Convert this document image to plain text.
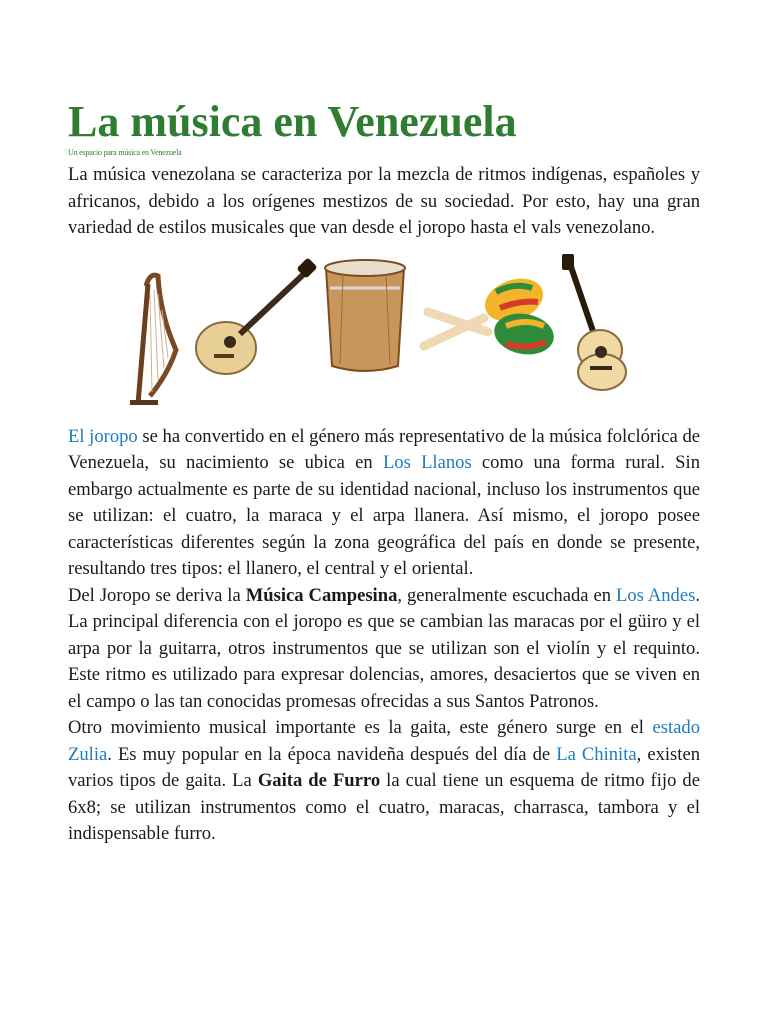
La música en Venezuela
Un espacio para música en Venezuela

La música venezolana se caracteriza por la mezcla de ritmos indígenas, españoles y africanos, debido a los orígenes mestizos de su sociedad. Por esto, hay una gran variedad de estilos musicales que van desde el joropo hasta el vals venezolano.

El joropo se ha convertido en el género más representativo de la música folclórica de Venezuela, su nacimiento se ubica en Los Llanos como una forma rural. Sin embargo actualmente es parte de su identidad nacional, incluso los instrumentos que se utilizan: el cuatro, la maraca y el arpa llanera. Así mismo, el joropo posee características diferentes según la zona geográfica del país en donde se presente, resultando tres tipos: el llanero, el central y el oriental.

Del Joropo se deriva la Música Campesina, generalmente escuchada en Los Andes. La principal diferencia con el joropo es que se cambian las maracas por el güiro y el arpa por la guitarra, otros instrumentos que se utilizan son el violín y el requinto. Este ritmo es utilizado para expresar dolencias, amores, desaciertos que se viven en el campo o las tan conocidas promesas ofrecidas a sus Santos Patronos.

Otro movimiento musical importante es la gaita, este género surge en el estado Zulia. Es muy popular en la época navideña después del día de La Chinita, existen varios tipos de gaita. La Gaita de Furro la cual tiene un esquema de ritmo fijo de 6x8; se utilizan instrumentos como el cuatro, maracas, charrasca, tambora y el indispensable furro.
